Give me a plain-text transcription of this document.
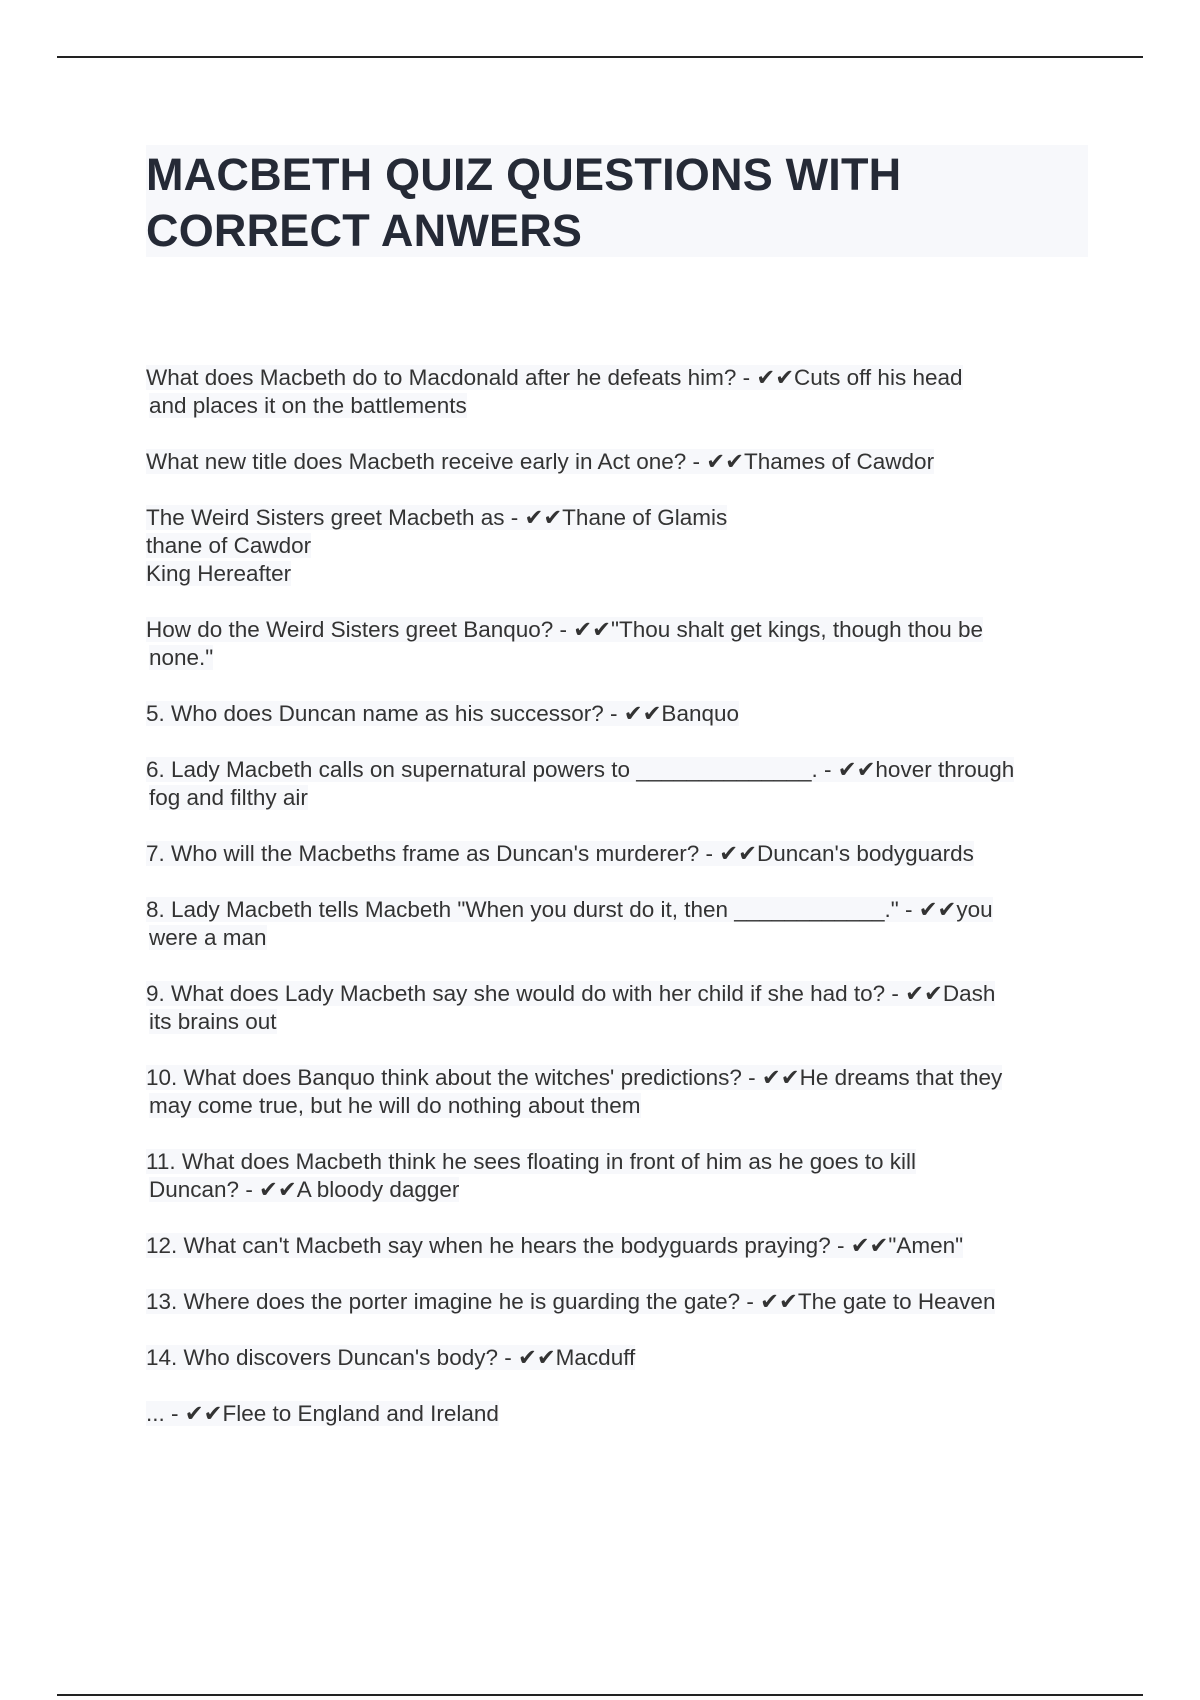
MACBETH QUIZ QUESTIONS WITH CORRECT ANWERS
What does Macbeth do to Macdonald after he defeats him? - ✔✔Cuts off his head
and places it on the battlements
What new title does Macbeth receive early in Act one? - ✔✔Thames of Cawdor
The Weird Sisters greet Macbeth as - ✔✔Thane of Glamis
thane of Cawdor
King Hereafter
How do the Weird Sisters greet Banquo? - ✔✔"Thou shalt get kings, though thou be
none."
5. Who does Duncan name as his successor? - ✔✔Banquo
6. Lady Macbeth calls on supernatural powers to ______________. - ✔✔hover through
fog and filthy air
7. Who will the Macbeths frame as Duncan's murderer? - ✔✔Duncan's bodyguards
8. Lady Macbeth tells Macbeth "When you durst do it, then ____________." - ✔✔you
were a man
9. What does Lady Macbeth say she would do with her child if she had to? - ✔✔Dash
its brains out
10. What does Banquo think about the witches' predictions? - ✔✔He dreams that they
may come true, but he will do nothing about them
11. What does Macbeth think he sees floating in front of him as he goes to kill
Duncan? - ✔✔A bloody dagger
12. What can't Macbeth say when he hears the bodyguards praying? - ✔✔"Amen"
13. Where does the porter imagine he is guarding the gate? - ✔✔The gate to Heaven
14. Who discovers Duncan's body? - ✔✔Macduff
... - ✔✔Flee to England and Ireland
